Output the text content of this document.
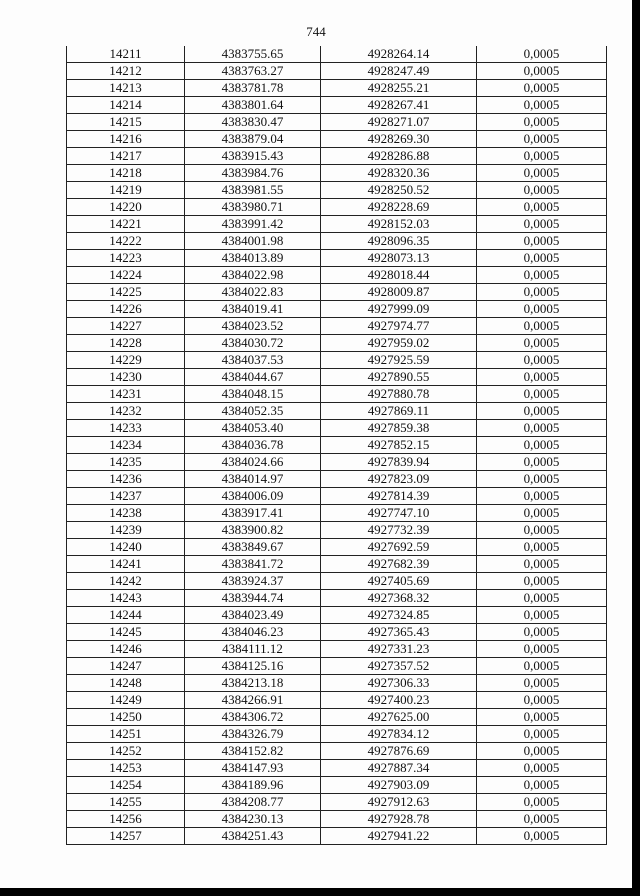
744
14211	4383755.65	4928264.14	0,0005
14212	4383763.27	4928247.49	0,0005
14213	4383781.78	4928255.21	0,0005
14214	4383801.64	4928267.41	0,0005
14215	4383830.47	4928271.07	0,0005
14216	4383879.04	4928269.30	0,0005
14217	4383915.43	4928286.88	0,0005
14218	4383984.76	4928320.36	0,0005
14219	4383981.55	4928250.52	0,0005
14220	4383980.71	4928228.69	0,0005
14221	4383991.42	4928152.03	0,0005
14222	4384001.98	4928096.35	0,0005
14223	4384013.89	4928073.13	0,0005
14224	4384022.98	4928018.44	0,0005
14225	4384022.83	4928009.87	0,0005
14226	4384019.41	4927999.09	0,0005
14227	4384023.52	4927974.77	0,0005
14228	4384030.72	4927959.02	0,0005
14229	4384037.53	4927925.59	0,0005
14230	4384044.67	4927890.55	0,0005
14231	4384048.15	4927880.78	0,0005
14232	4384052.35	4927869.11	0,0005
14233	4384053.40	4927859.38	0,0005
14234	4384036.78	4927852.15	0,0005
14235	4384024.66	4927839.94	0,0005
14236	4384014.97	4927823.09	0,0005
14237	4384006.09	4927814.39	0,0005
14238	4383917.41	4927747.10	0,0005
14239	4383900.82	4927732.39	0,0005
14240	4383849.67	4927692.59	0,0005
14241	4383841.72	4927682.39	0,0005
14242	4383924.37	4927405.69	0,0005
14243	4383944.74	4927368.32	0,0005
14244	4384023.49	4927324.85	0,0005
14245	4384046.23	4927365.43	0,0005
14246	4384111.12	4927331.23	0,0005
14247	4384125.16	4927357.52	0,0005
14248	4384213.18	4927306.33	0,0005
14249	4384266.91	4927400.23	0,0005
14250	4384306.72	4927625.00	0,0005
14251	4384326.79	4927834.12	0,0005
14252	4384152.82	4927876.69	0,0005
14253	4384147.93	4927887.34	0,0005
14254	4384189.96	4927903.09	0,0005
14255	4384208.77	4927912.63	0,0005
14256	4384230.13	4927928.78	0,0005
14257	4384251.43	4927941.22	0,0005
